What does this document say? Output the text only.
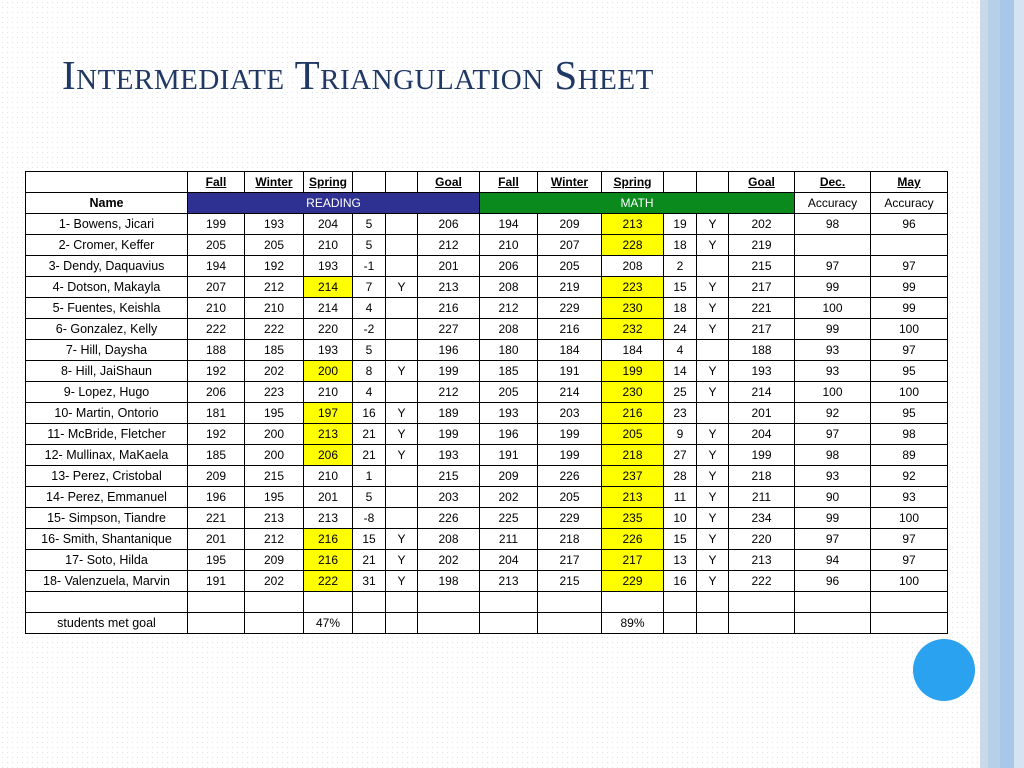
Intermediate Triangulation Sheet
	Fall	Winter	Spring			Goal	Fall	Winter	Spring			Goal	Dec.	May
Name	READING						MATH						Accuracy	Accuracy
1- Bowens, Jicari	199	193	204	5		206	194	209	213	19	Y	202	98	96
2- Cromer, Keffer	205	205	210	5		212	210	207	228	18	Y	219		
3- Dendy, Daquavius	194	192	193	-1		201	206	205	208	2		215	97	97
4- Dotson, Makayla	207	212	214	7	Y	213	208	219	223	15	Y	217	99	99
5- Fuentes, Keishla	210	210	214	4		216	212	229	230	18	Y	221	100	99
6- Gonzalez, Kelly	222	222	220	-2		227	208	216	232	24	Y	217	99	100
7- Hill, Daysha	188	185	193	5		196	180	184	184	4		188	93	97
8- Hill, JaiShaun	192	202	200	8	Y	199	185	191	199	14	Y	193	93	95
9- Lopez, Hugo	206	223	210	4		212	205	214	230	25	Y	214	100	100
10- Martin, Ontorio	181	195	197	16	Y	189	193	203	216	23		201	92	95
11- McBride, Fletcher	192	200	213	21	Y	199	196	199	205	9	Y	204	97	98
12- Mullinax, MaKaela	185	200	206	21	Y	193	191	199	218	27	Y	199	98	89
13- Perez, Cristobal	209	215	210	1		215	209	226	237	28	Y	218	93	92
14- Perez, Emmanuel	196	195	201	5		203	202	205	213	11	Y	211	90	93
15- Simpson, Tiandre	221	213	213	-8		226	225	229	235	10	Y	234	99	100
16- Smith, Shantanique	201	212	216	15	Y	208	211	218	226	15	Y	220	97	97
17- Soto, Hilda	195	209	216	21	Y	202	204	217	217	13	Y	213	94	97
18- Valenzuela, Marvin	191	202	222	31	Y	198	213	215	229	16	Y	222	96	100

students met goal			47%						89%					
